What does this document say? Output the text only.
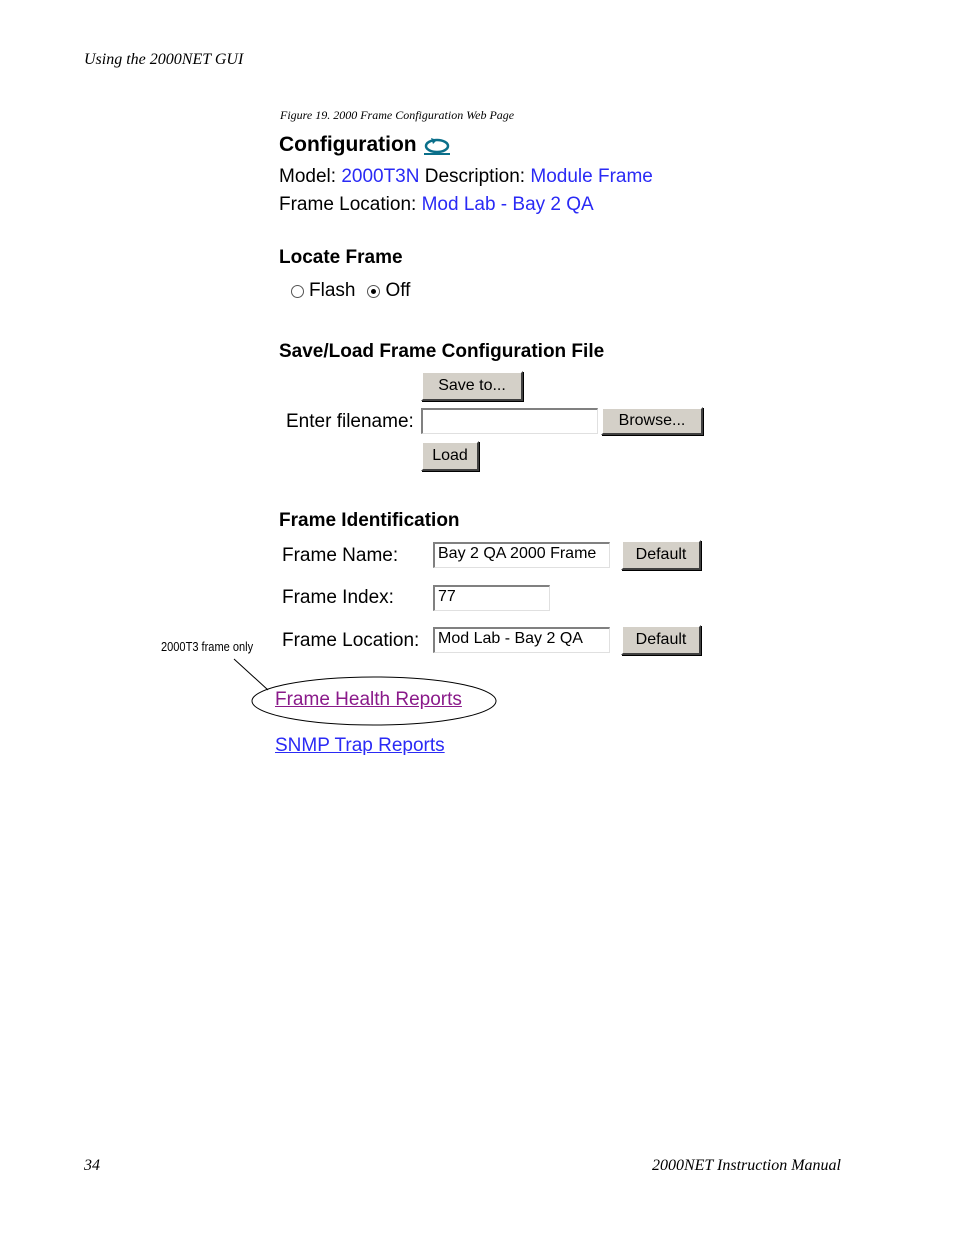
Using the 2000NET GUI
Figure 19. 2000 Frame Configuration Web Page
34	2000NET Instruction Manual
Configuration
Model: 2000T3N Description: Module Frame
Frame Location: Mod Lab - Bay 2 QA
Locate Frame
Flash Off
Save/Load Frame Configuration File
Save to...
Enter filename:	Browse...
Load
Frame Identification
Frame Name:	Bay 2 QA 2000 Frame	Default
Frame Index:	77
Frame Location:	Mod Lab - Bay 2 QA	Default
2000T3 frame only
Frame Health Reports
SNMP Trap Reports
